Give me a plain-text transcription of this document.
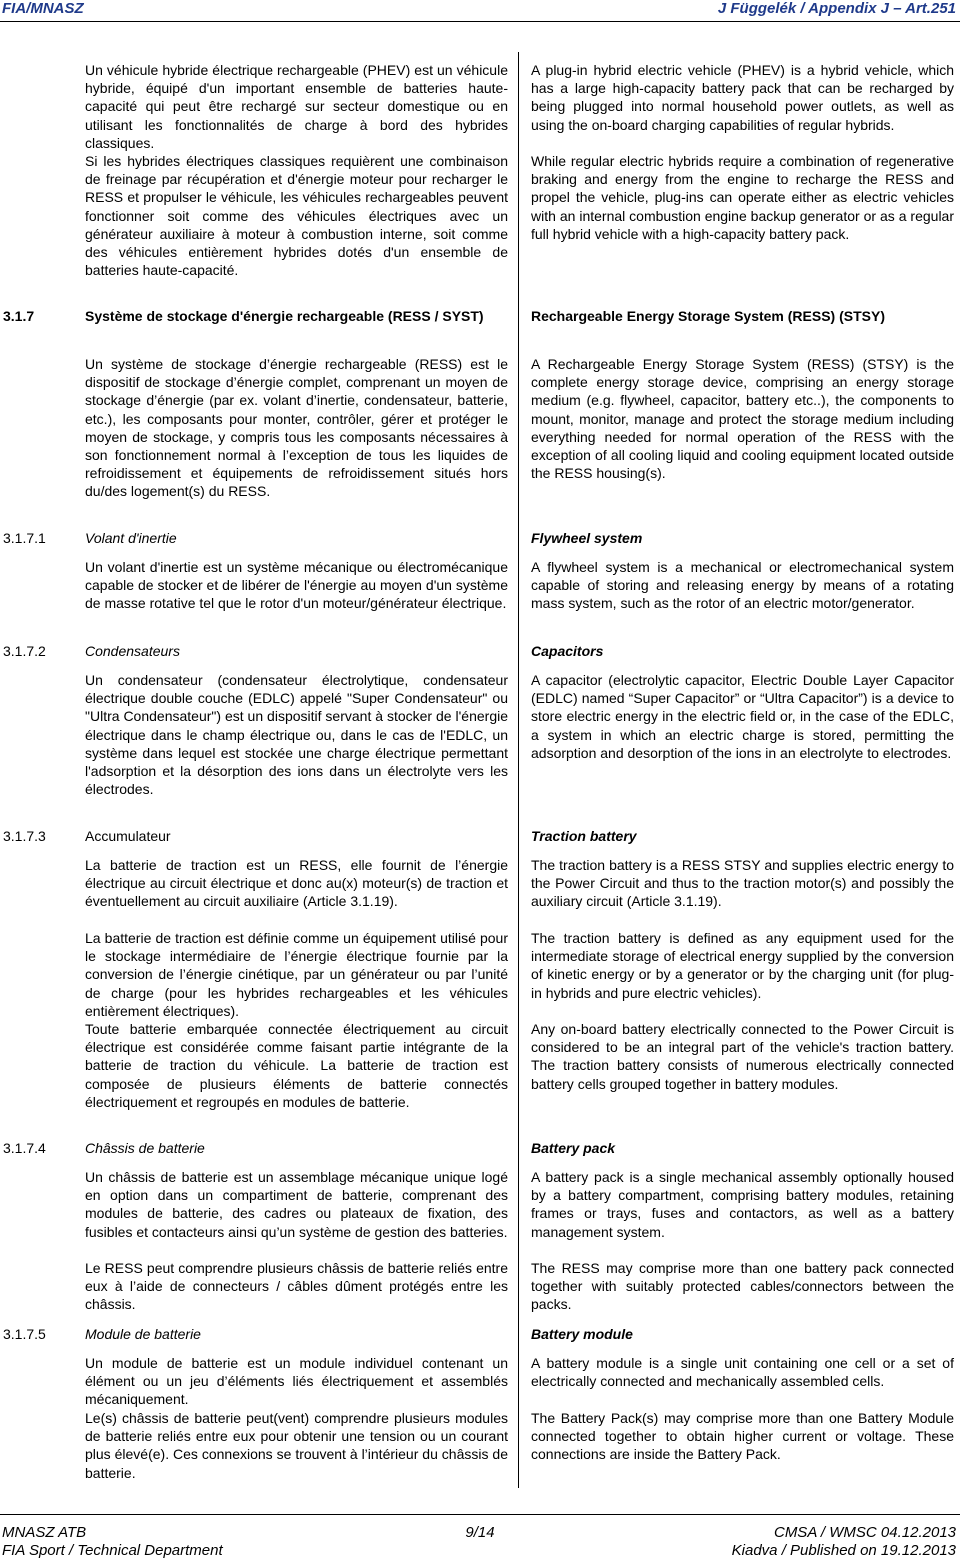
FIA/MNASZ	J Függelék / Appendix J – Art.251

Un véhicule hybride électrique rechargeable (PHEV) est un véhicule hybride, équipé d'un important ensemble de batteries haute-capacité qui peut être rechargé sur secteur domestique ou en utilisant les fonctionnalités de charge à bord des hybrides classiques.

Si les hybrides électriques classiques requièrent une combinaison de freinage par récupération et d'énergie moteur pour recharger le RESS et propulser le véhicule, les véhicules rechargeables peuvent fonctionner soit comme des véhicules électriques avec un générateur auxiliaire à moteur à combustion interne, soit comme des véhicules entièrement hybrides dotés d'un ensemble de batteries haute-capacité.

3.1.7	Système de stockage d'énergie rechargeable (RESS / SYST)

Un système de stockage d’énergie rechargeable (RESS) est le dispositif de stockage d’énergie complet, comprenant un moyen de stockage d’énergie (par ex. volant d’inertie, condensateur, batterie, etc.), les composants pour monter, contrôler, gérer et protéger le moyen de stockage, y compris tous les composants nécessaires à son fonctionnement normal à l’exception de tous les liquides de refroidissement et équipements de refroidissement situés hors du/des logement(s) du RESS.

3.1.7.1	Volant d'inertie

Un volant d'inertie est un système mécanique ou électromécanique capable de stocker et de libérer de l'énergie au moyen d'un système de masse rotative tel que le rotor d'un moteur/générateur électrique.

3.1.7.2	Condensateurs

Un condensateur (condensateur électrolytique, condensateur électrique double couche (EDLC) appelé "Super Condensateur" ou "Ultra Condensateur") est un dispositif servant à stocker de l'énergie électrique dans le champ électrique ou, dans le cas de l'EDLC, un système dans lequel est stockée une charge électrique permettant l'adsorption et la désorption des ions dans un électrolyte vers les électrodes.

3.1.7.3	Accumulateur

La batterie de traction est un RESS, elle fournit de l’énergie électrique au circuit électrique et donc au(x) moteur(s) de traction et éventuellement au circuit auxiliaire (Article 3.1.19).

La batterie de traction est définie comme un équipement utilisé pour le stockage intermédiaire de l’énergie électrique fournie par la conversion de l’énergie cinétique, par un générateur ou par l’unité de charge (pour les hybrides rechargeables et les véhicules entièrement électriques).

Toute batterie embarquée connectée électriquement au circuit électrique est considérée comme faisant partie intégrante de la batterie de traction du véhicule. La batterie de traction est composée de plusieurs éléments de batterie connectés électriquement et regroupés en modules de batterie.

3.1.7.4	Châssis de batterie

Un châssis de batterie est un assemblage mécanique unique logé en option dans un compartiment de batterie, comprenant des modules de batterie, des cadres ou plateaux de fixation, des fusibles et contacteurs ainsi qu’un système de gestion des batteries.

Le RESS peut comprendre plusieurs châssis de batterie reliés entre eux à l’aide de connecteurs / câbles dûment protégés entre les châssis.

3.1.7.5	Module de batterie

Un module de batterie est un module individuel contenant un élément ou un jeu d’éléments liés électriquement et assemblés mécaniquement.

Le(s) châssis de batterie peut(vent) comprendre plusieurs modules de batterie reliés entre eux pour obtenir une tension ou un courant plus élevé(e). Ces connexions se trouvent à l’intérieur du châssis de batterie.

A plug-in hybrid electric vehicle (PHEV) is a hybrid vehicle, which has a large high-capacity battery pack that can be recharged by being plugged into normal household power outlets, as well as using the on-board charging capabilities of regular hybrids.

While regular electric hybrids require a combination of regenerative braking and energy from the engine to recharge the RESS and propel the vehicle, plug-ins can operate either as electric vehicles with an internal combustion engine backup generator or as a regular full hybrid vehicle with a high-capacity battery pack.

Rechargeable Energy Storage System (RESS) (STSY)

A Rechargeable Energy Storage System (RESS) (STSY) is the complete energy storage device, comprising an energy storage medium (e.g. flywheel, capacitor, battery etc..), the components to mount, monitor, manage and protect the storage medium including everything needed for normal operation of the RESS with the exception of all cooling liquid and cooling equipment located outside the RESS housing(s).

Flywheel system

A flywheel system is a mechanical or electromechanical system capable of storing and releasing energy by means of a rotating mass system, such as the rotor of an electric motor/generator.

Capacitors

A capacitor (electrolytic capacitor, Electric Double Layer Capacitor (EDLC) named “Super Capacitor” or “Ultra Capacitor”) is a device to store electric energy in the electric field or, in the case of the EDLC, a system in which an electric charge is stored, permitting the adsorption and desorption of the ions in an electrolyte to electrodes.

Traction battery

The traction battery is a RESS STSY and supplies electric energy to the Power Circuit and thus to the traction motor(s) and possibly the auxiliary circuit (Article 3.1.19).

The traction battery is defined as any equipment used for the intermediate storage of electrical energy supplied by the conversion of kinetic energy or by a generator or by the charging unit (for plug-in hybrids and pure electric vehicles).

Any on-board battery electrically connected to the Power Circuit is considered to be an integral part of the vehicle's traction battery. The traction battery consists of numerous electrically connected battery cells grouped together in battery modules.

Battery pack

A battery pack is a single mechanical assembly optionally housed by a battery compartment, comprising battery modules, retaining frames or trays, fuses and contactors, as well as a battery management system.

The RESS may comprise more than one battery pack connected together with suitably protected cables/connectors between the packs.

Battery module

A battery module is a single unit containing one cell or a set of electrically connected and mechanically assembled cells.

The Battery Pack(s) may comprise more than one Battery Module connected together to obtain higher current or voltage. These connections are inside the Battery Pack.

MNASZ ATB
FIA Sport / Technical Department
9/14	CMSA / WMSC 04.12.2013
Kiadva / Published on 19.12.2013
